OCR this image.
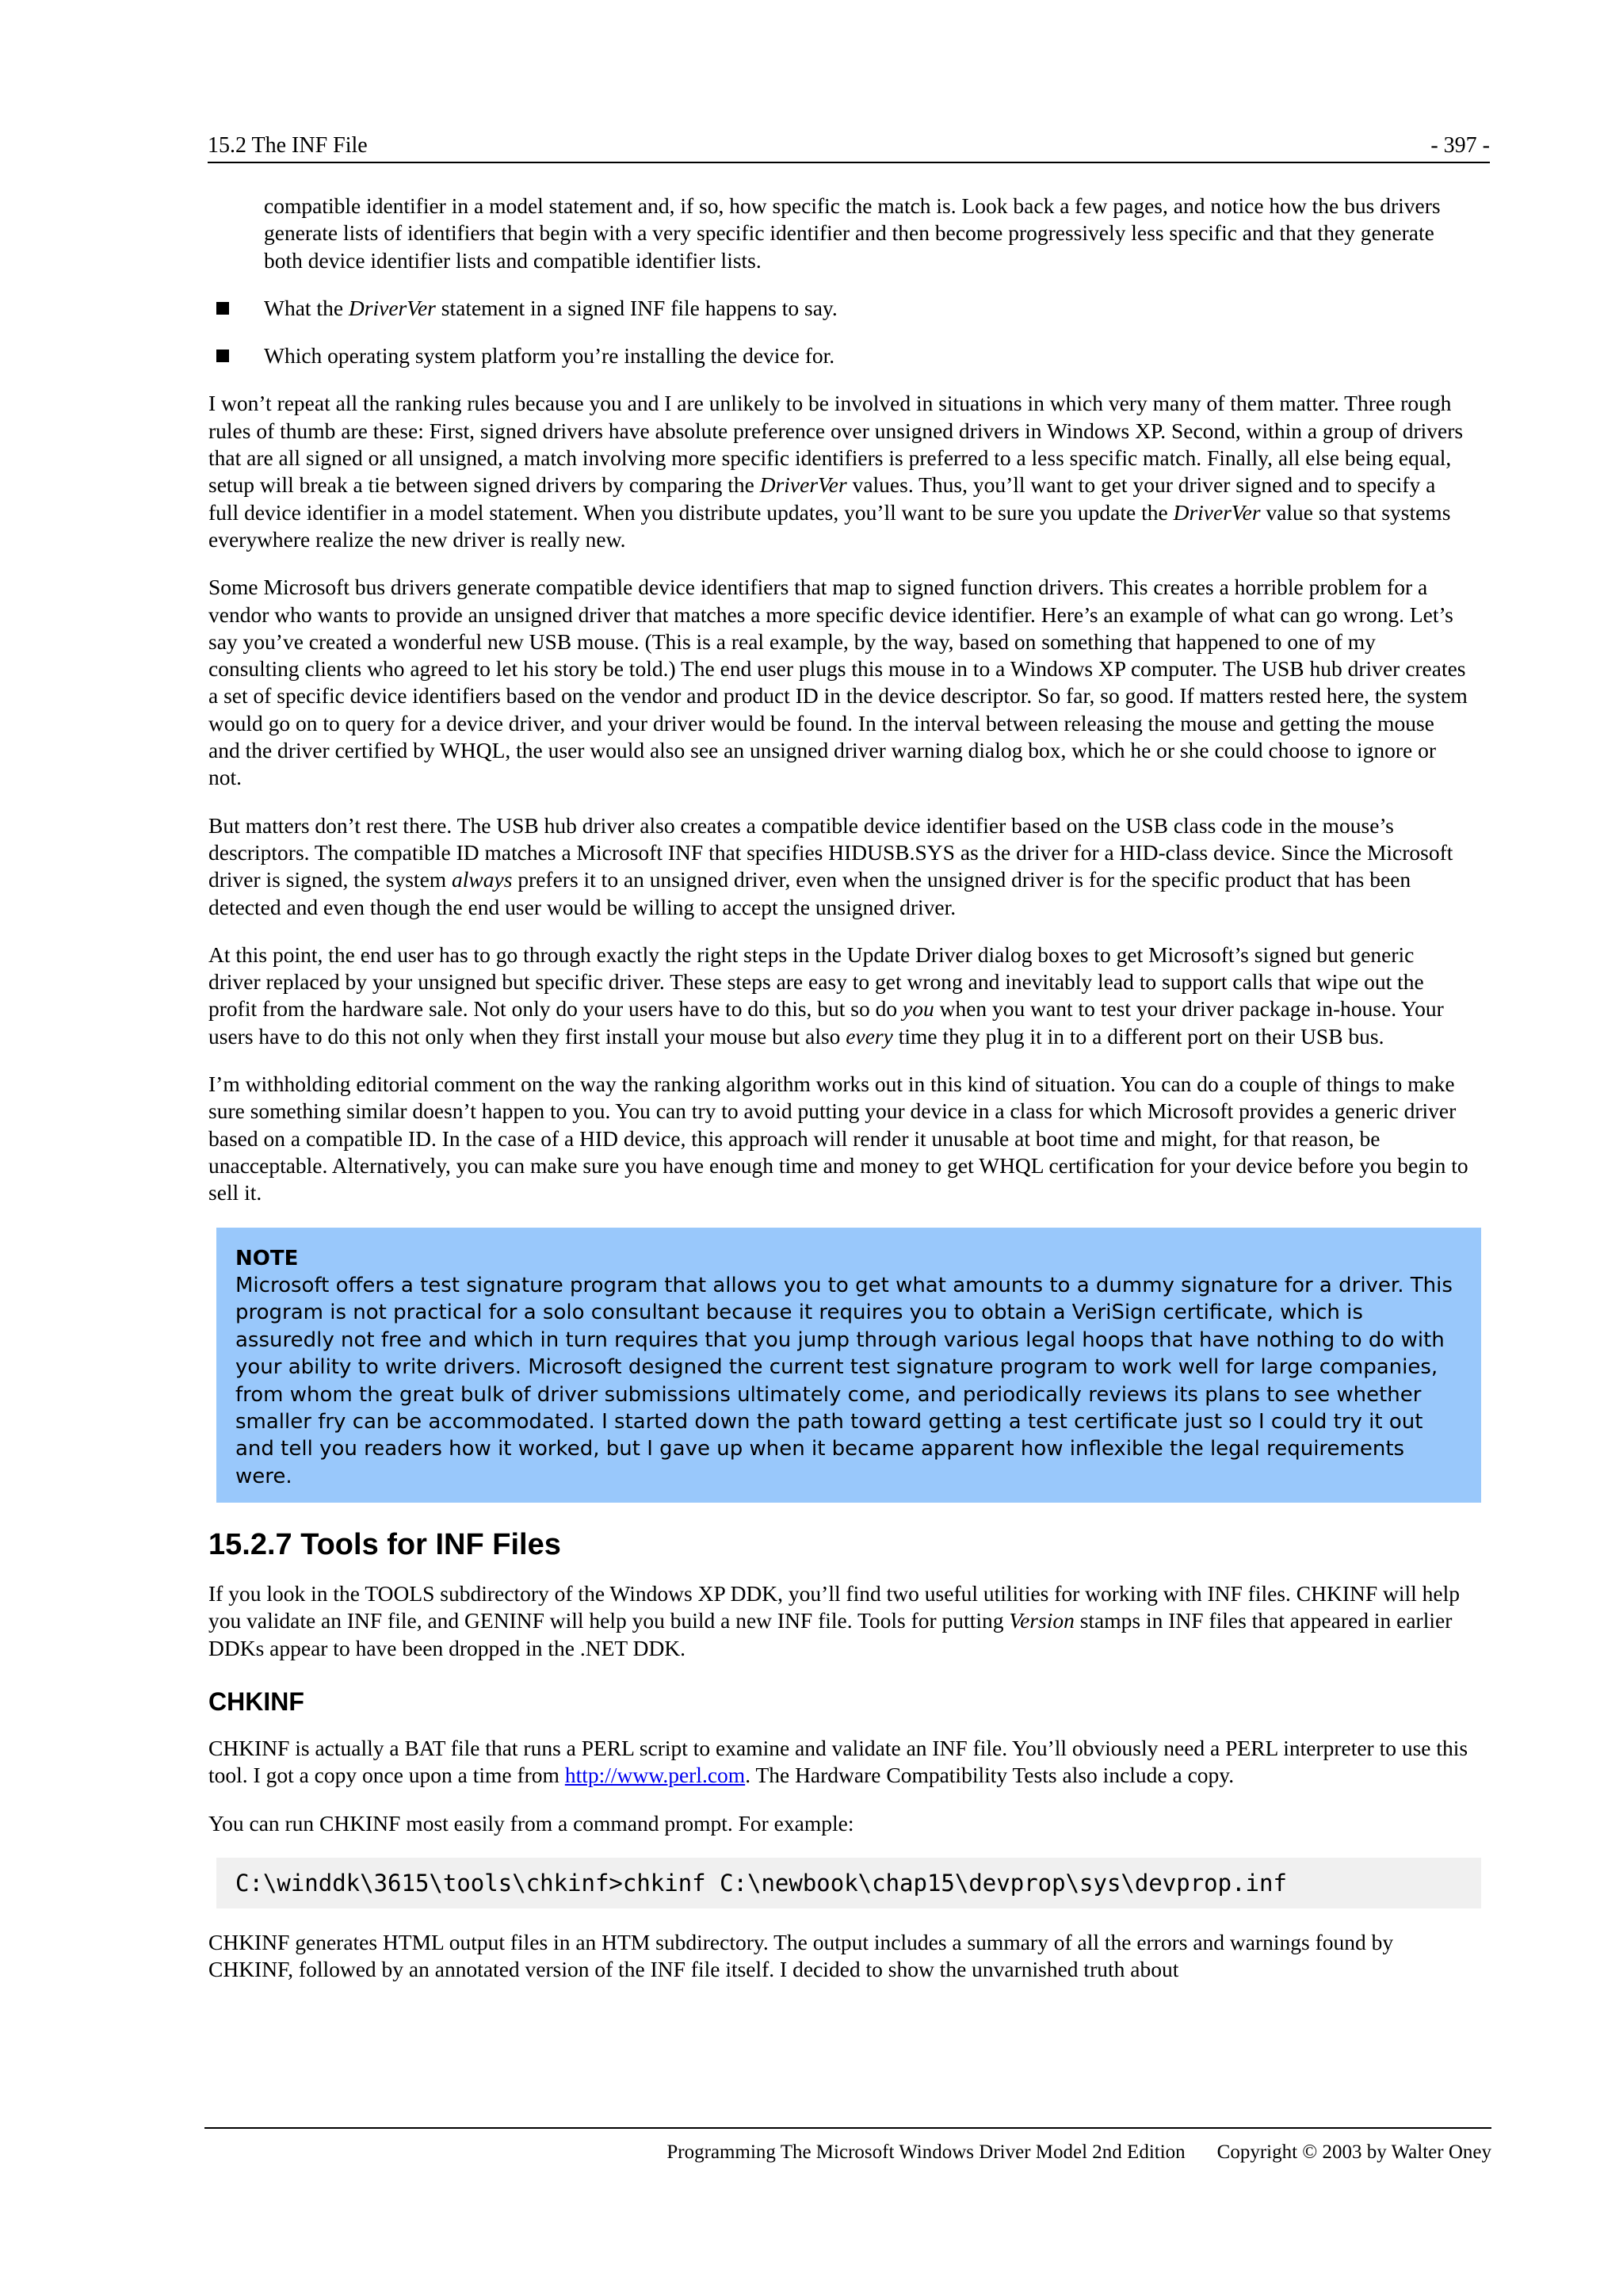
15.2 The INF File	- 397 -

compatible identifier in a model statement and, if so, how specific the match is. Look back a few pages, and notice how the bus drivers generate lists of identifiers that begin with a very specific identifier and then become progressively less specific and that they generate both device identifier lists and compatible identifier lists.

What the DriverVer statement in a signed INF file happens to say.
Which operating system platform you’re installing the device for.

I won’t repeat all the ranking rules because you and I are unlikely to be involved in situations in which very many of them matter. Three rough rules of thumb are these: First, signed drivers have absolute preference over unsigned drivers in Windows XP. Second, within a group of drivers that are all signed or all unsigned, a match involving more specific identifiers is preferred to a less specific match. Finally, all else being equal, setup will break a tie between signed drivers by comparing the DriverVer values. Thus, you’ll want to get your driver signed and to specify a full device identifier in a model statement. When you distribute updates, you’ll want to be sure you update the DriverVer value so that systems everywhere realize the new driver is really new.

Some Microsoft bus drivers generate compatible device identifiers that map to signed function drivers. This creates a horrible problem for a vendor who wants to provide an unsigned driver that matches a more specific device identifier. Here’s an example of what can go wrong. Let’s say you’ve created a wonderful new USB mouse. (This is a real example, by the way, based on something that happened to one of my consulting clients who agreed to let his story be told.) The end user plugs this mouse in to a Windows XP computer. The USB hub driver creates a set of specific device identifiers based on the vendor and product ID in the device descriptor. So far, so good. If matters rested here, the system would go on to query for a device driver, and your driver would be found. In the interval between releasing the mouse and getting the mouse and the driver certified by WHQL, the user would also see an unsigned driver warning dialog box, which he or she could choose to ignore or not.

But matters don’t rest there. The USB hub driver also creates a compatible device identifier based on the USB class code in the mouse’s descriptors. The compatible ID matches a Microsoft INF that specifies HIDUSB.SYS as the driver for a HID-class device. Since the Microsoft driver is signed, the system always prefers it to an unsigned driver, even when the unsigned driver is for the specific product that has been detected and even though the end user would be willing to accept the unsigned driver.

At this point, the end user has to go through exactly the right steps in the Update Driver dialog boxes to get Microsoft’s signed but generic driver replaced by your unsigned but specific driver. These steps are easy to get wrong and inevitably lead to support calls that wipe out the profit from the hardware sale. Not only do your users have to do this, but so do you when you want to test your driver package in-house. Your users have to do this not only when they first install your mouse but also every time they plug it in to a different port on their USB bus.

I’m withholding editorial comment on the way the ranking algorithm works out in this kind of situation. You can do a couple of things to make sure something similar doesn’t happen to you. You can try to avoid putting your device in a class for which Microsoft provides a generic driver based on a compatible ID. In the case of a HID device, this approach will render it unusable at boot time and might, for that reason, be unacceptable. Alternatively, you can make sure you have enough time and money to get WHQL certification for your device before you begin to sell it.

NOTE
Microsoft offers a test signature program that allows you to get what amounts to a dummy signature for a driver. This program is not practical for a solo consultant because it requires you to obtain a VeriSign certificate, which is assuredly not free and which in turn requires that you jump through various legal hoops that have nothing to do with your ability to write drivers. Microsoft designed the current test signature program to work well for large companies, from whom the great bulk of driver submissions ultimately come, and periodically reviews its plans to see whether smaller fry can be accommodated. I started down the path toward getting a test certificate just so I could try it out and tell you readers how it worked, but I gave up when it became apparent how inflexible the legal requirements were.
15.2.7 Tools for INF Files

If you look in the TOOLS subdirectory of the Windows XP DDK, you’ll find two useful utilities for working with INF files. CHKINF will help you validate an INF file, and GENINF will help you build a new INF file. Tools for putting Version stamps in INF files that appeared in earlier DDKs appear to have been dropped in the .NET DDK.

CHKINF

CHKINF is actually a BAT file that runs a PERL script to examine and validate an INF file. You’ll obviously need a PERL interpreter to use this tool. I got a copy once upon a time from http://www.perl.com. The Hardware Compatibility Tests also include a copy.

You can run CHKINF most easily from a command prompt. For example:

C:\winddk\3615\tools\chkinf>chkinf C:\newbook\chap15\devprop\sys\devprop.inf

CHKINF generates HTML output files in an HTM subdirectory. The output includes a summary of all the errors and warnings found by CHKINF, followed by an annotated version of the INF file itself. I decided to show the unvarnished truth about

Programming The Microsoft Windows Driver Model 2nd Edition Copyright © 2003 by Walter Oney
